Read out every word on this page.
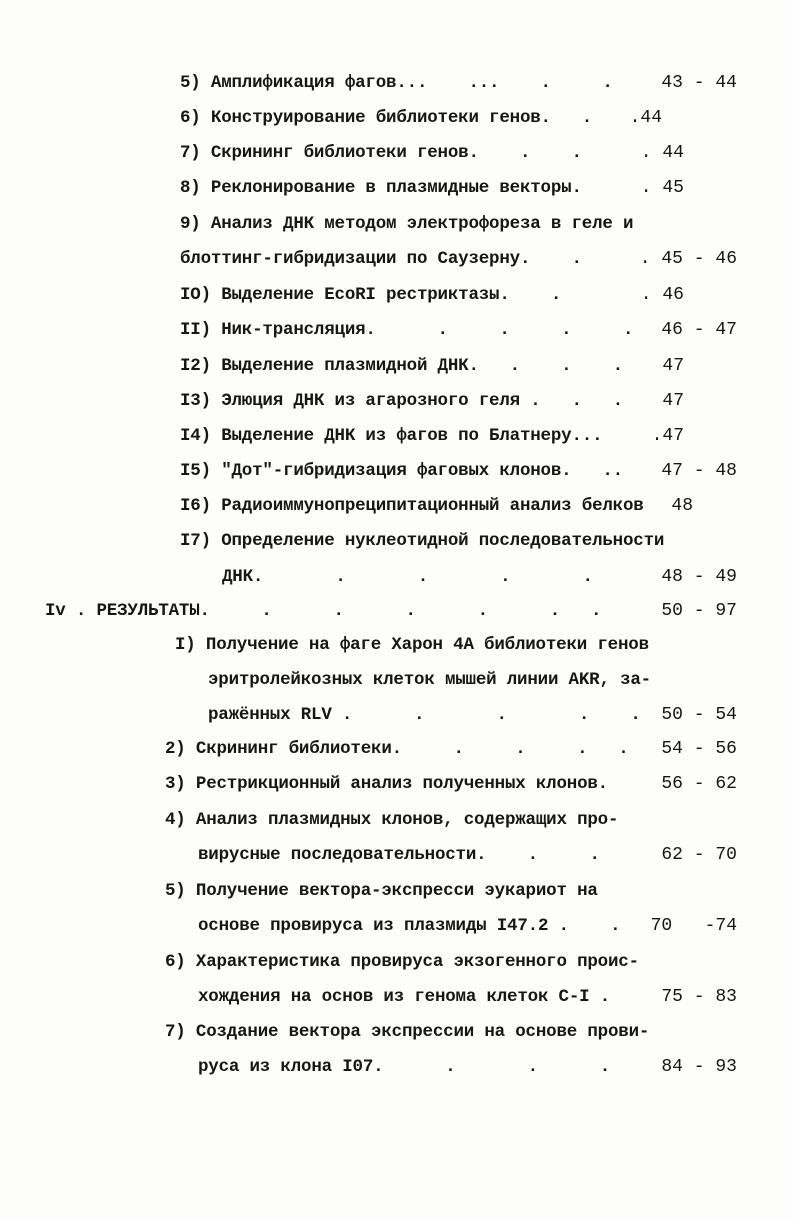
5) Амплификация фагов...    ...    .     .	43 - 44
6) Конструирование библиотеки генов.   . .44
7) Скрининг библиотеки генов.    .    .	. 44
8) Реклонирование в плазмидные векторы.	. 45
9) Анализ ДНК методом электрофореза в геле и
блоттинг-гибридизации по Саузерну.    .	. 45 - 46
IO) Выделение EcoRI рестриктазы.    .	. 46
II) Ник-трансляция.      .     .     .     . 46 - 47
I2) Выделение плазмидной ДНК.   .    .    . 47
I3) Элюция ДНК из агарозного геля .   .   . 47
I4) Выделение ДНК из фагов по Блатнеру...	.47
I5) "Дот"-гибридизация фаговых клонов.   .. 47 - 48
I6) Радиоиммунопреципитационный анализ белков 48
I7) Определение нуклеотидной последовательности
ДНК.       .       .       .       .	48 - 49
Iv . РЕЗУЛЬТАТЫ.     .      .      .      .      .   .	50 - 97
I) Получение на фаге Харон 4А библиотеки генов
эритролейкозных клеток мышей линии AKR, за-
ражённых RLV .      .       .       .    . 50 - 54
2) Скрининг библиотеки.     .     .     .   . 54 - 56
3) Рестрикционный анализ полученных клонов.	56 - 62
4) Анализ плазмидных клонов, содержащих про-
вирусные последовательности.    .     .	62 - 70
5) Получение вектора-экспресси эукариот на
основе провируса из плазмиды I47.2 .    . 70   -74
6) Характеристика провируса экзогенного проис-
хождения на основ из генома клеток C-I .	75 - 83
7) Создание вектора экспрессии на основе прови-
руса из клона I07.      .       .      .	84 - 93
